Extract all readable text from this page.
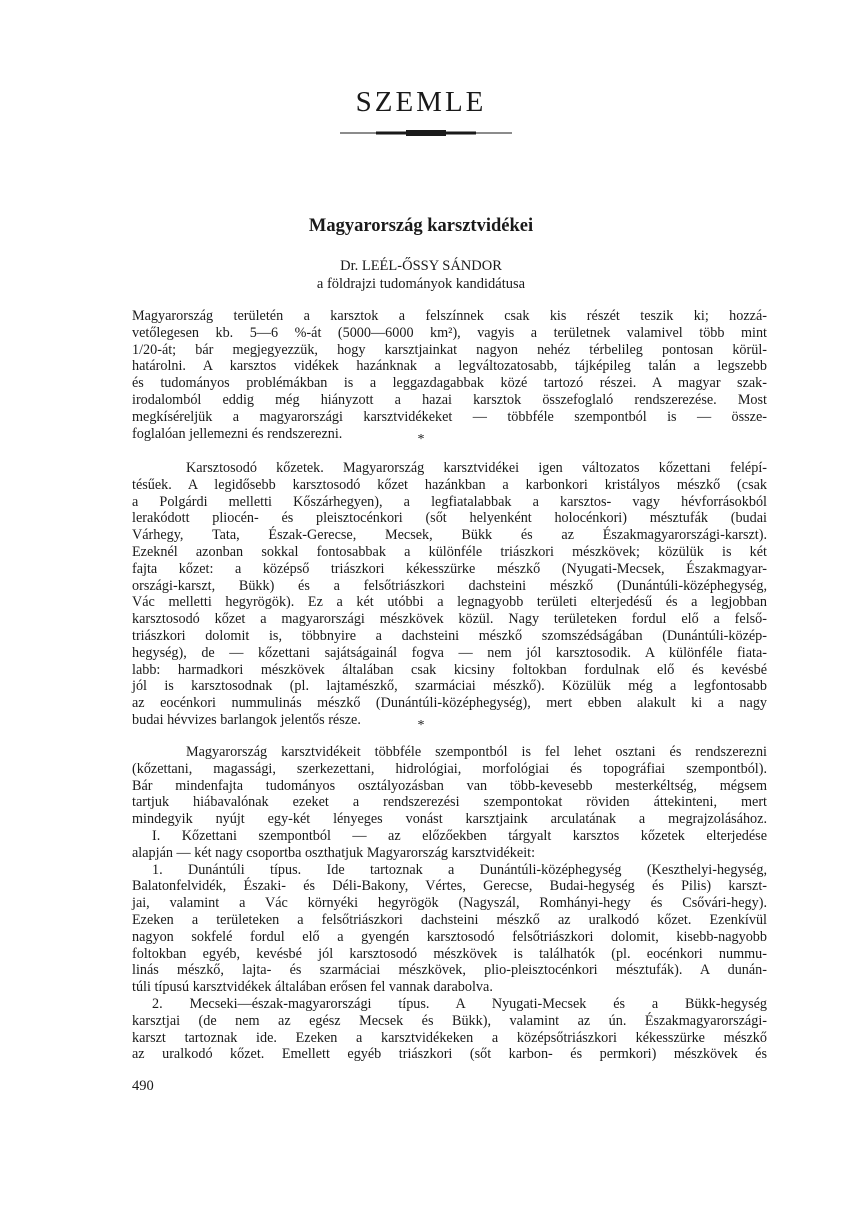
SZEMLE
Magyarország karsztvidékei
Dr. LEÉL-ŐSSY SÁNDOR
a földrajzi tudományok kandidátusa
Magyarország területén a karsztok a felszínnek csak kis részét teszik ki; hozzá-
vetőlegesen kb. 5—6 %-át (5000—6000 km²), vagyis a területnek valamivel több mint
1/20-át; bár megjegyezzük, hogy karsztjainkat nagyon nehéz térbelileg pontosan körül-
határolni. A karsztos vidékek hazánknak a legváltozatosabb, tájképileg talán a legszebb
és tudományos problémákban is a leggazdagabbak közé tartozó részei. A magyar szak-
irodalomból eddig még hiányzott a hazai karsztok összefoglaló rendszerezése. Most
megkíséreljük a magyarországi karsztvidékeket — többféle szempontból is — össze-
foglalóan jellemezni és rendszerezni.	*
Karsztosodó kőzetek. Magyarország karsztvidékei igen változatos kőzettani felépí-
tésűek. A legidősebb karsztosodó kőzet hazánkban a karbonkori kristályos mészkő (csak
a Polgárdi melletti Kőszárhegyen), a legfiatalabbak a karsztos- vagy hévforrásokból
lerakódott pliocén- és pleisztocénkori (sőt helyenként holocénkori) mésztufák (budai
Várhegy, Tata, Észak-Gerecse, Mecsek, Bükk és az Északmagyarországi-karszt).
Ezeknél azonban sokkal fontosabbak a különféle triászkori mészkövek; közülük is két
fajta kőzet: a középső triászkori kékesszürke mészkő (Nyugati-Mecsek, Északmagyar-
országi-karszt, Bükk) és a felsőtriászkori dachsteini mészkő (Dunántúli-középhegység,
Vác melletti hegyrögök). Ez a két utóbbi a legnagyobb területi elterjedésű és a legjobban
karsztosodó kőzet a magyarországi mészkövek közül. Nagy területeken fordul elő a felső-
triászkori dolomit is, többnyire a dachsteini mészkő szomszédságában (Dunántúli-közép-
hegység), de — kőzettani sajátságainál fogva — nem jól karsztosodik. A különféle fiata-
labb: harmadkori mészkövek általában csak kicsiny foltokban fordulnak elő és kevésbé
jól is karsztosodnak (pl. lajtamészkő, szarmáciai mészkő). Közülük még a legfontosabb
az eocénkori nummulinás mészkő (Dunántúli-középhegység), mert ebben alakult ki a nagy
budai hévvizes barlangok jelentős része.	*
Magyarország karsztvidékeit többféle szempontból is fel lehet osztani és rendszerezni
(kőzettani, magassági, szerkezettani, hidrológiai, morfológiai és topográfiai szempontból).
Bár mindenfajta tudományos osztályozásban van több-kevesebb mesterkéltség, mégsem
tartjuk hiábavalónak ezeket a rendszerezési szempontokat röviden áttekinteni, mert
mindegyik nyújt egy-két lényeges vonást karsztjaink arculatának a megrajzolásához.
I. Kőzettani szempontból — az előzőekben tárgyalt karsztos kőzetek elterjedése
alapján — két nagy csoportba oszthatjuk Magyarország karsztvidékeit:
1. Dunántúli típus. Ide tartoznak a Dunántúli-középhegység (Keszthelyi-hegység,
Balatonfelvidék, Északi- és Déli-Bakony, Vértes, Gerecse, Budai-hegység és Pilis) karszt-
jai, valamint a Vác környéki hegyrögök (Nagyszál, Romhányi-hegy és Csővári-hegy).
Ezeken a területeken a felsőtriászkori dachsteini mészkő az uralkodó kőzet. Ezenkívül
nagyon sokfelé fordul elő a gyengén karsztosodó felsőtriászkori dolomit, kisebb-nagyobb
foltokban egyéb, kevésbé jól karsztosodó mészkövek is találhatók (pl. eocénkori nummu-
linás mészkő, lajta- és szarmáciai mészkövek, plio-pleisztocénkori mésztufák). A dunán-
túli típusú karsztvidékek általában erősen fel vannak darabolva.
2. Mecseki—észak-magyarországi típus. A Nyugati-Mecsek és a Bükk-hegység
karsztjai (de nem az egész Mecsek és Bükk), valamint az ún. Északmagyarországi-
karszt tartoznak ide. Ezeken a karsztvidékeken a középsőtriászkori kékesszürke mészkő
az uralkodó kőzet. Emellett egyéb triászkori (sőt karbon- és permkori) mészkövek és
490
